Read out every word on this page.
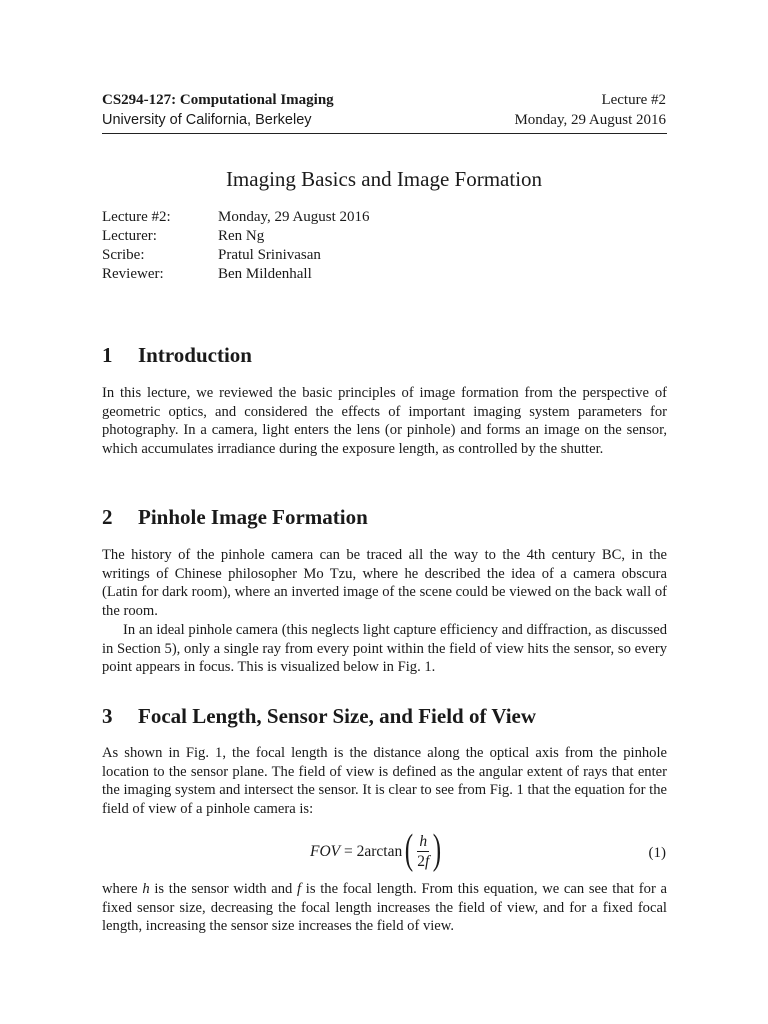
CS294-127: Computational Imaging
University of California, Berkeley
Lecture #2
Monday, 29 August 2016
Imaging Basics and Image Formation
Lecture #2:	Monday, 29 August 2016
Lecturer:	Ren Ng
Scribe:	Pratul Srinivasan
Reviewer:	Ben Mildenhall
1 Introduction

In this lecture, we reviewed the basic principles of image formation from the perspective of geometric optics, and considered the effects of important imaging system parameters for photography. In a camera, light enters the lens (or pinhole) and forms an image on the sensor, which accumulates irradiance during the exposure length, as controlled by the shutter.

2 Pinhole Image Formation

The history of the pinhole camera can be traced all the way to the 4th century BC, in the writings of Chinese philosopher Mo Tzu, where he described the idea of a camera obscura (Latin for dark room), where an inverted image of the scene could be viewed on the back wall of the room.

In an ideal pinhole camera (this neglects light capture efficiency and diffraction, as discussed in Section 5), only a single ray from every point within the field of view hits the sensor, so every point appears in focus. This is visualized below in Fig. 1.

3 Focal Length, Sensor Size, and Field of View

As shown in Fig. 1, the focal length is the distance along the optical axis from the pinhole location to the sensor plane. The field of view is defined as the angular extent of rays that enter the imaging system and intersect the sensor. It is clear to see from Fig. 1 that the equation for the field of view of a pinhole camera is:

FOV = 2arctan ( $\frac{h}{2f}$ )	(1)

where h is the sensor width and f is the focal length. From this equation, we can see that for a fixed sensor size, decreasing the focal length increases the field of view, and for a fixed focal length, increasing the sensor size increases the field of view.
